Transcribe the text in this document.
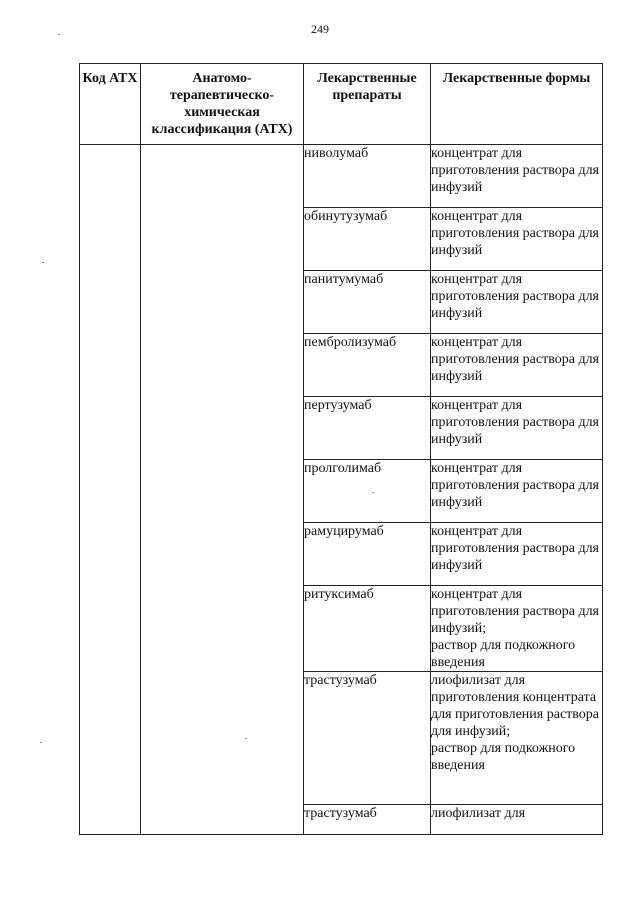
249
Код АТХ	Анатомо-терапевтическо-химическая классификация (АТХ)	Лекарственные препараты	Лекарственные формы
		ниволумаб	концентрат для приготовления раствора для инфузий

		обинутузумаб	концентрат для приготовления раствора для инфузий

		панитумумаб	концентрат для приготовления раствора для инфузий

		пембролизумаб	концентрат для приготовления раствора для инфузий

		пертузумаб	концентрат для приготовления раствора для инфузий

		пролголимаб	концентрат для приготовления раствора для инфузий

		рамуцирумаб	концентрат для приготовления раствора для инфузий

		ритуксимаб	концентрат для приготовления раствора для инфузий;
раствор для подкожного введения

		трастузумаб	лиофилизат для приготовления концентрата для приготовления раствора для инфузий;
раствор для подкожного введения

		трастузумаб	лиофилизат для
